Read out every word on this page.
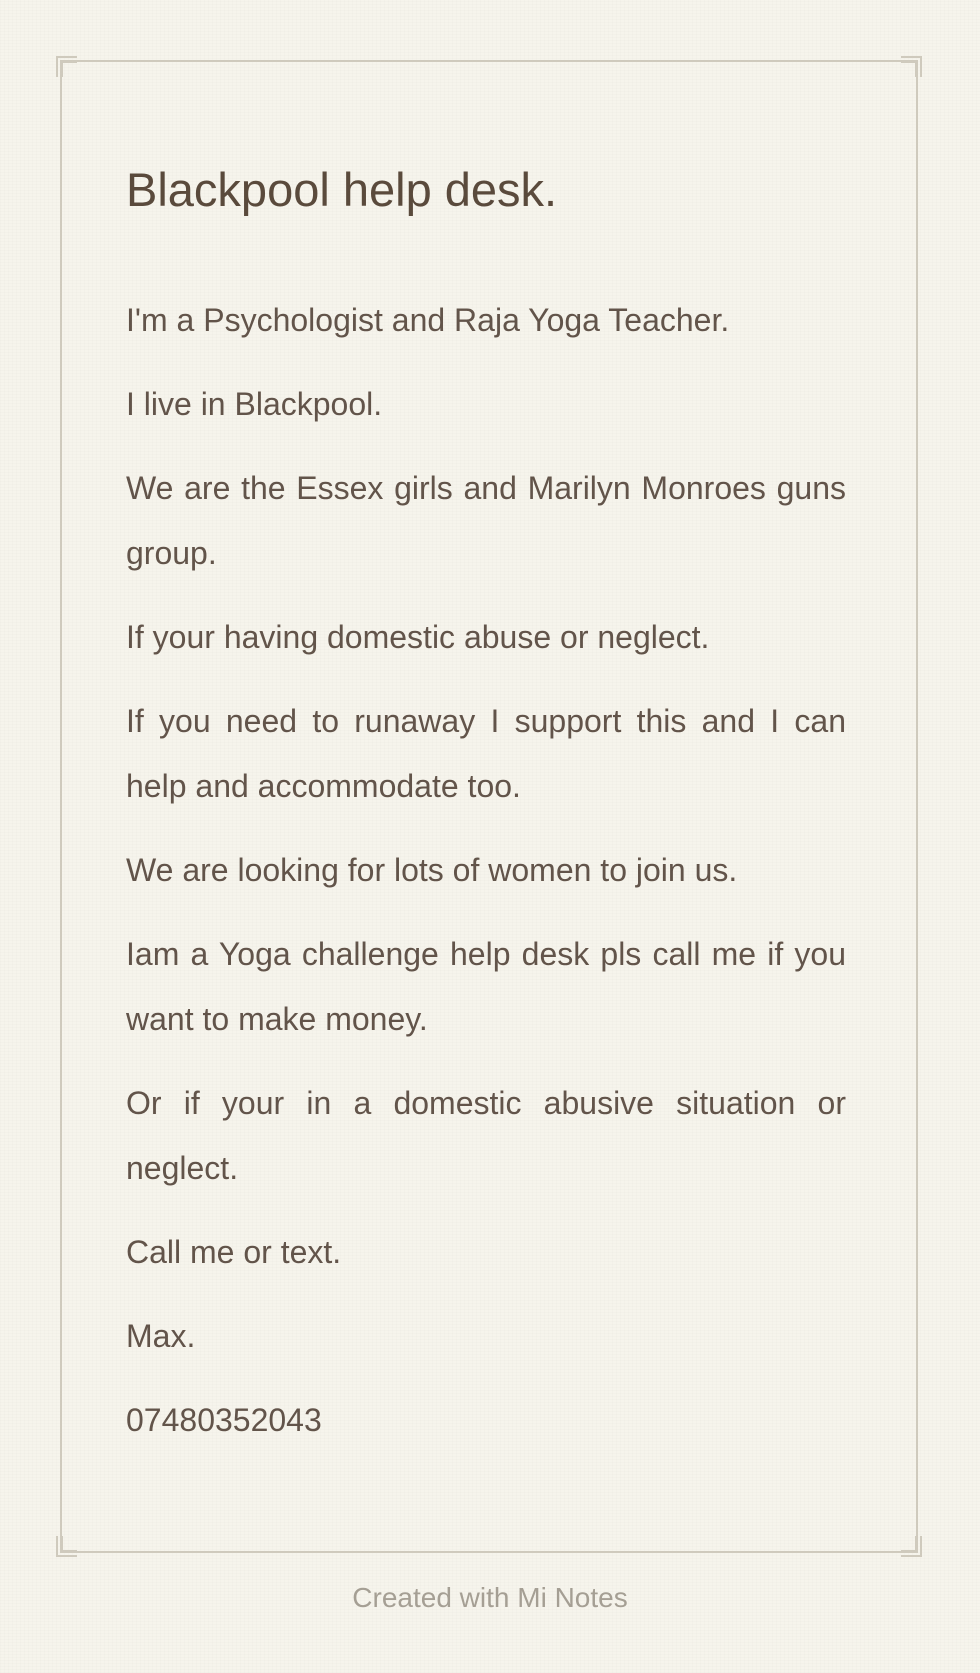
Blackpool help desk.

I'm a Psychologist and Raja Yoga Teacher.

I live in Blackpool.

We are the Essex girls and Marilyn Monroes guns group.

If your having domestic abuse or neglect.

If you need to runaway I support this and I can help and accommodate too.

We are looking for lots of women to join us.

Iam a Yoga challenge help desk pls call me if you want to make money.

Or if your in a domestic abusive situation or neglect.

Call me or text.

Max.

07480352043

Created with Mi Notes
